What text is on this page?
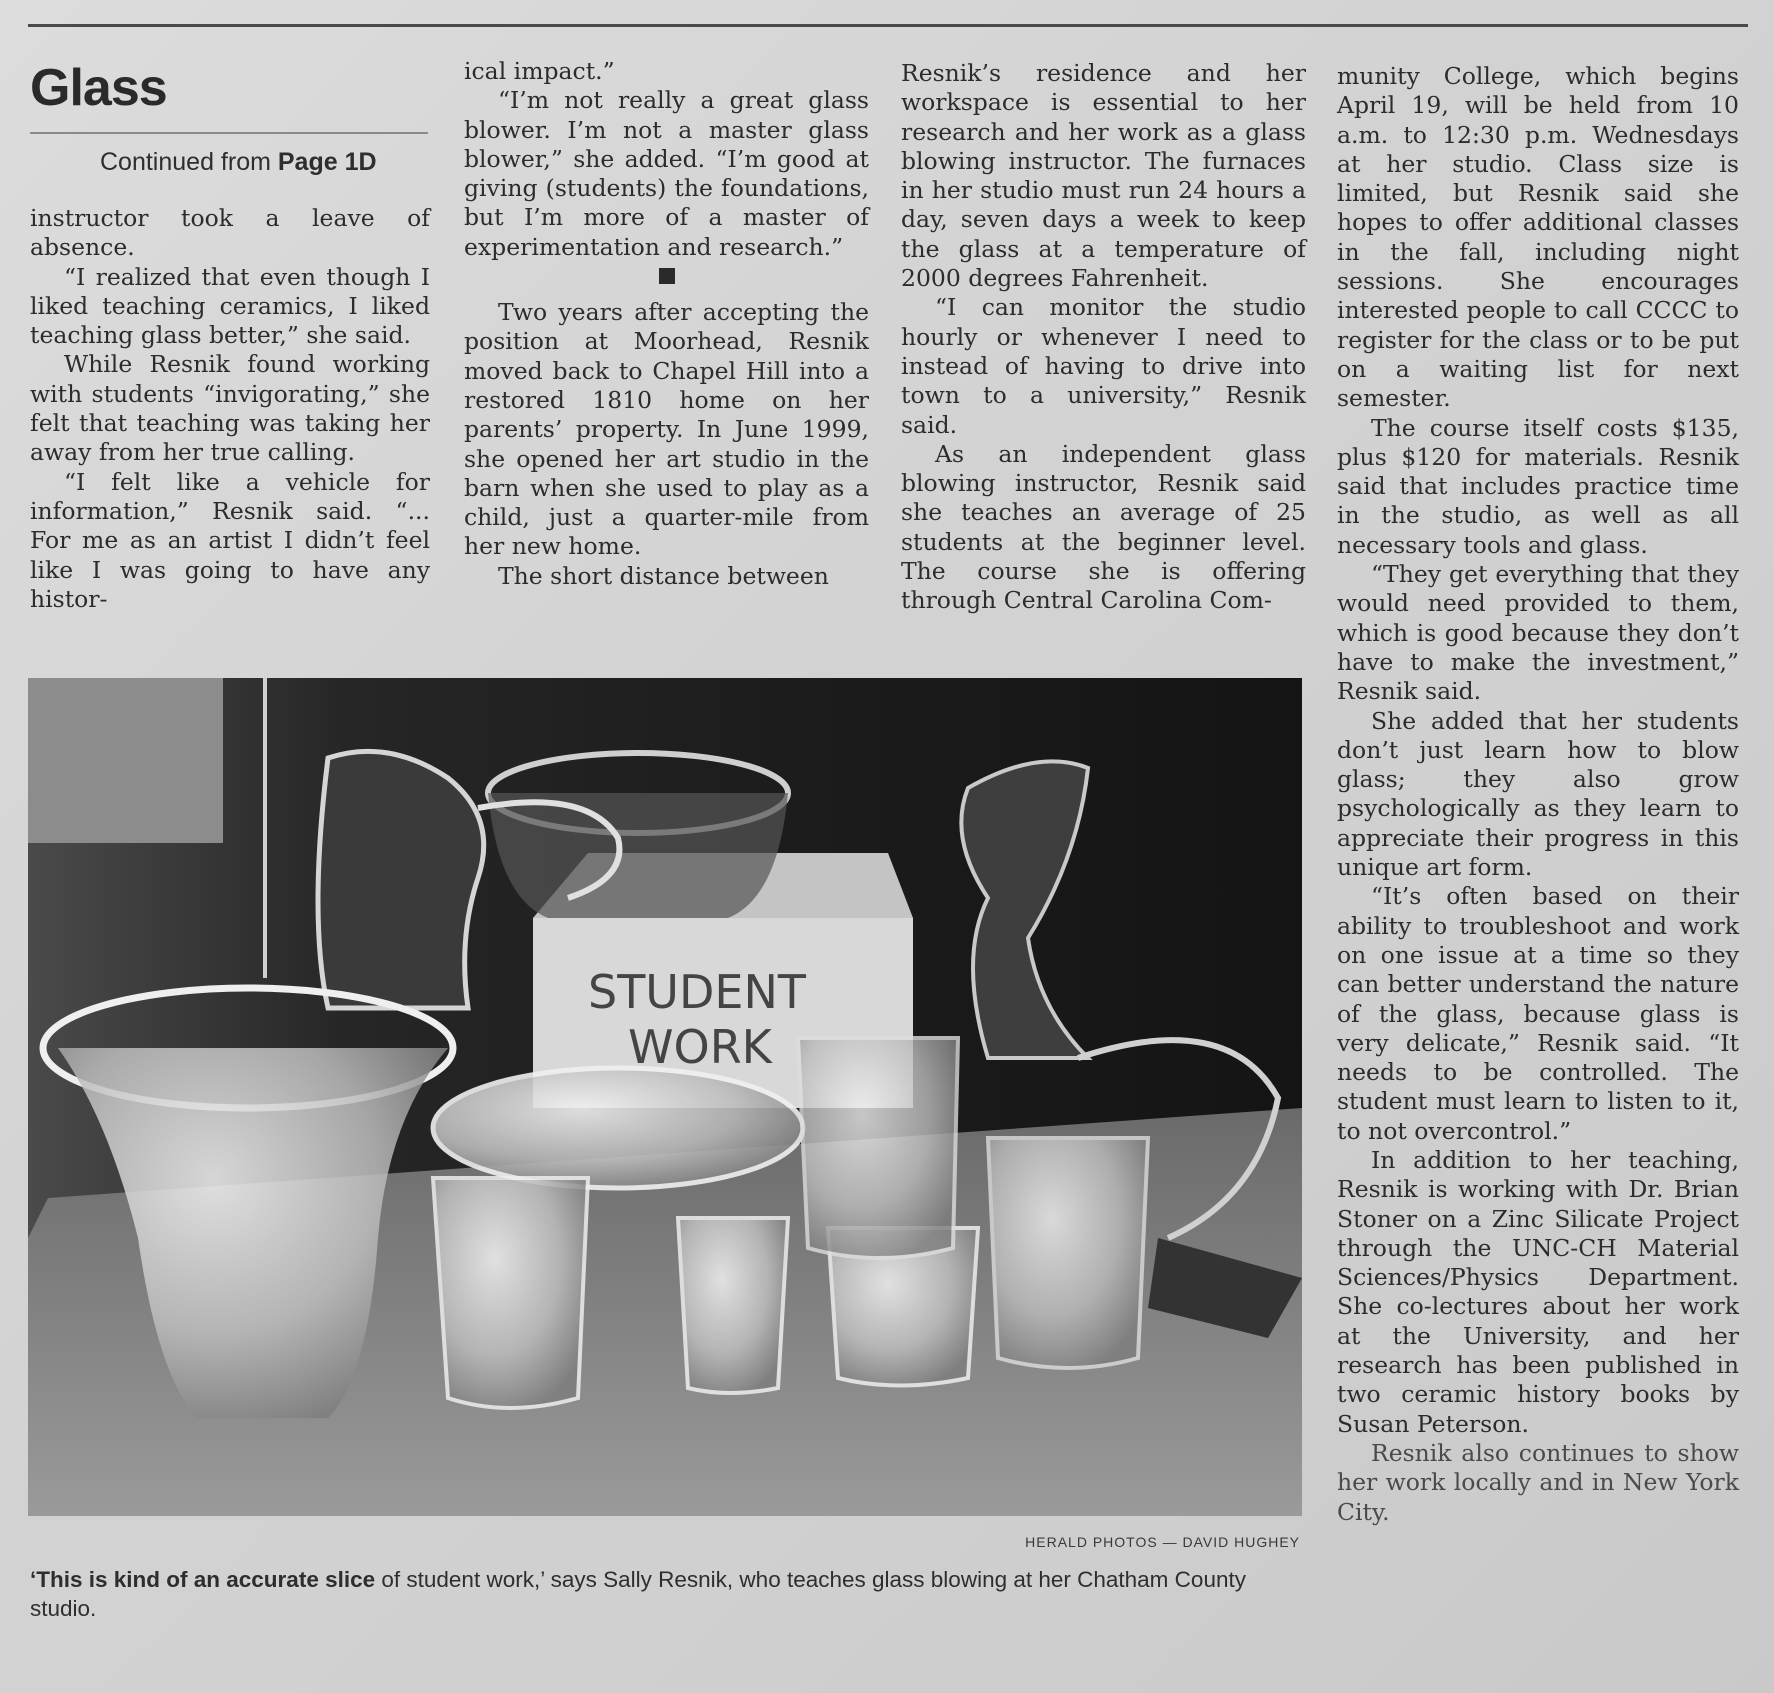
Glass
Continued from Page 1D

instructor took a leave of absence.

“I realized that even though I liked teaching ceramics, I liked teaching glass better,” she said.

While Resnik found working with students “invigorating,” she felt that teaching was taking her away from her true calling.

“I felt like a vehicle for information,” Resnik said. “... For me as an artist I didn’t feel like I was going to have any histor-

ical impact.”

“I’m not really a great glass blower. I’m not a master glass blower,” she added. “I’m good at giving (students) the foundations, but I’m more of a master of experimentation and research.”

Two years after accepting the position at Moorhead, Resnik moved back to Chapel Hill into a restored 1810 home on her parents’ property. In June 1999, she opened her art studio in the barn when she used to play as a child, just a quarter-mile from her new home.

The short distance between

Resnik’s residence and her workspace is essential to her research and her work as a glass blowing instructor. The furnaces in her studio must run 24 hours a day, seven days a week to keep the glass at a temperature of 2000 degrees Fahrenheit.

“I can monitor the studio hourly or whenever I need to instead of having to drive into town to a university,” Resnik said.

As an independent glass blowing instructor, Resnik said she teaches an average of 25 students at the beginner level. The course she is offering through Central Carolina Com-

munity College, which begins April 19, will be held from 10 a.m. to 12:30 p.m. Wednesdays at her studio. Class size is limited, but Resnik said she hopes to offer additional classes in the fall, including night sessions. She encourages interested people to call CCCC to register for the class or to be put on a waiting list for next semester.

The course itself costs $135, plus $120 for materials. Resnik said that includes practice time in the studio, as well as all necessary tools and glass.

“They get everything that they would need provided to them, which is good because they don’t have to make the investment,” Resnik said.

She added that her students don’t just learn how to blow glass; they also grow psychologically as they learn to appreciate their progress in this unique art form.

“It’s often based on their ability to troubleshoot and work on one issue at a time so they can better understand the nature of the glass, because glass is very delicate,” Resnik said. “It needs to be controlled. The student must learn to listen to it, to not overcontrol.”

In addition to her teaching, Resnik is working with Dr. Brian Stoner on a Zinc Silicate Project through the UNC-CH Material Sciences/Physics Department. She co-lectures about her work at the University, and her research has been published in two ceramic history books by Susan Peterson.

Resnik also continues to show her work locally and in New York City.

STUDENT
WORK
HERALD PHOTOS — DAVID HUGHEY
‘This is kind of an accurate slice of student work,’ says Sally Resnik, who teaches glass blowing at her Chatham County studio.
